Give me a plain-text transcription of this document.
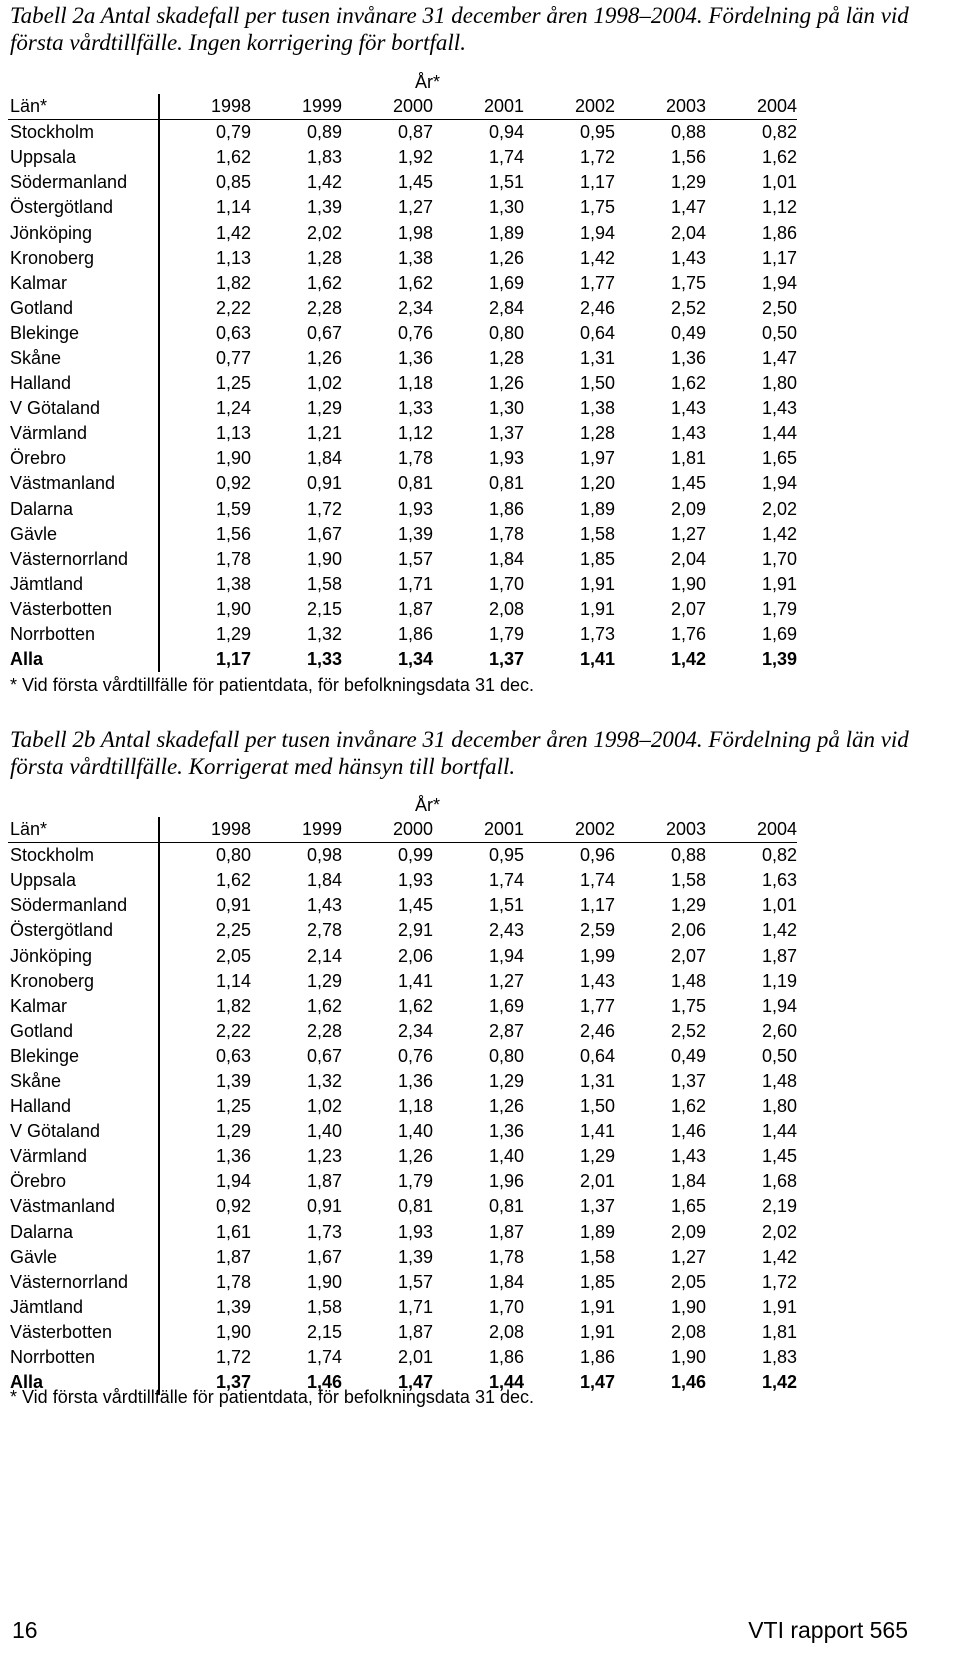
Tabell 2a Antal skadefall per tusen invånare 31 december åren 1998–2004. Fördelning på län vid första vårdtillfälle. Ingen korrigering för bortfall.

År*
Län*	1998	1999	2000	2001	2002	2003	2004
Stockholm	0,79	0,89	0,87	0,94	0,95	0,88	0,82
Uppsala	1,62	1,83	1,92	1,74	1,72	1,56	1,62
Södermanland	0,85	1,42	1,45	1,51	1,17	1,29	1,01
Östergötland	1,14	1,39	1,27	1,30	1,75	1,47	1,12
Jönköping	1,42	2,02	1,98	1,89	1,94	2,04	1,86
Kronoberg	1,13	1,28	1,38	1,26	1,42	1,43	1,17
Kalmar	1,82	1,62	1,62	1,69	1,77	1,75	1,94
Gotland	2,22	2,28	2,34	2,84	2,46	2,52	2,50
Blekinge	0,63	0,67	0,76	0,80	0,64	0,49	0,50
Skåne	0,77	1,26	1,36	1,28	1,31	1,36	1,47
Halland	1,25	1,02	1,18	1,26	1,50	1,62	1,80
V Götaland	1,24	1,29	1,33	1,30	1,38	1,43	1,43
Värmland	1,13	1,21	1,12	1,37	1,28	1,43	1,44
Örebro	1,90	1,84	1,78	1,93	1,97	1,81	1,65
Västmanland	0,92	0,91	0,81	0,81	1,20	1,45	1,94
Dalarna	1,59	1,72	1,93	1,86	1,89	2,09	2,02
Gävle	1,56	1,67	1,39	1,78	1,58	1,27	1,42
Västernorrland	1,78	1,90	1,57	1,84	1,85	2,04	1,70
Jämtland	1,38	1,58	1,71	1,70	1,91	1,90	1,91
Västerbotten	1,90	2,15	1,87	2,08	1,91	2,07	1,79
Norrbotten	1,29	1,32	1,86	1,79	1,73	1,76	1,69
Alla	1,17	1,33	1,34	1,37	1,41	1,42	1,39
* Vid första vårdtillfälle för patientdata, för befolkningsdata 31 dec.

Tabell 2b Antal skadefall per tusen invånare 31 december åren 1998–2004. Fördelning på län vid första vårdtillfälle. Korrigerat med hänsyn till bortfall.

År*
Län*	1998	1999	2000	2001	2002	2003	2004
Stockholm	0,80	0,98	0,99	0,95	0,96	0,88	0,82
Uppsala	1,62	1,84	1,93	1,74	1,74	1,58	1,63
Södermanland	0,91	1,43	1,45	1,51	1,17	1,29	1,01
Östergötland	2,25	2,78	2,91	2,43	2,59	2,06	1,42
Jönköping	2,05	2,14	2,06	1,94	1,99	2,07	1,87
Kronoberg	1,14	1,29	1,41	1,27	1,43	1,48	1,19
Kalmar	1,82	1,62	1,62	1,69	1,77	1,75	1,94
Gotland	2,22	2,28	2,34	2,87	2,46	2,52	2,60
Blekinge	0,63	0,67	0,76	0,80	0,64	0,49	0,50
Skåne	1,39	1,32	1,36	1,29	1,31	1,37	1,48
Halland	1,25	1,02	1,18	1,26	1,50	1,62	1,80
V Götaland	1,29	1,40	1,40	1,36	1,41	1,46	1,44
Värmland	1,36	1,23	1,26	1,40	1,29	1,43	1,45
Örebro	1,94	1,87	1,79	1,96	2,01	1,84	1,68
Västmanland	0,92	0,91	0,81	0,81	1,37	1,65	2,19
Dalarna	1,61	1,73	1,93	1,87	1,89	2,09	2,02
Gävle	1,87	1,67	1,39	1,78	1,58	1,27	1,42
Västernorrland	1,78	1,90	1,57	1,84	1,85	2,05	1,72
Jämtland	1,39	1,58	1,71	1,70	1,91	1,90	1,91
Västerbotten	1,90	2,15	1,87	2,08	1,91	2,08	1,81
Norrbotten	1,72	1,74	2,01	1,86	1,86	1,90	1,83
Alla	1,37	1,46	1,47	1,44	1,47	1,46	1,42
* Vid första vårdtillfälle för patientdata, för befolkningsdata 31 dec.
16	VTI rapport 565
